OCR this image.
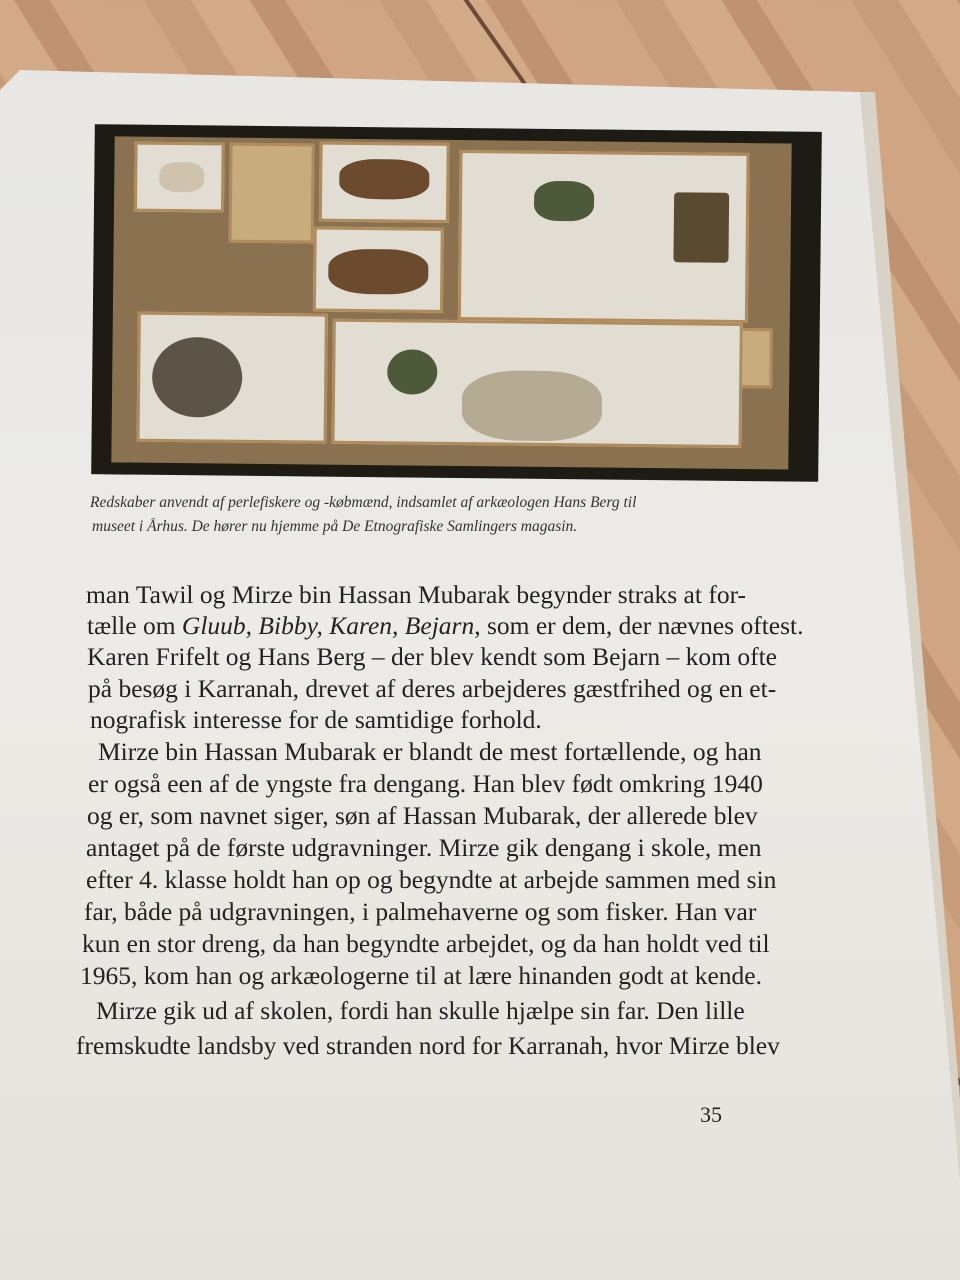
Redskaber anvendt af perlefiskere og -købmænd, indsamlet af arkæologen Hans Berg til
museet i Århus. De hører nu hjemme på De Etnografiske Samlingers magasin.
man Tawil og Mirze bin Hassan Mubarak begynder straks at for-
tælle om Gluub, Bibby, Karen, Bejarn, som er dem, der nævnes oftest.
Karen Frifelt og Hans Berg – der blev kendt som Bejarn – kom ofte
på besøg i Karranah, drevet af deres arbejderes gæstfrihed og en et-
nografisk interesse for de samtidige forhold.
Mirze bin Hassan Mubarak er blandt de mest fortællende, og han
er også een af de yngste fra dengang. Han blev født omkring 1940
og er, som navnet siger, søn af Hassan Mubarak, der allerede blev
antaget på de første udgravninger. Mirze gik dengang i skole, men
efter 4. klasse holdt han op og begyndte at arbejde sammen med sin
far, både på udgravningen, i palmehaverne og som fisker. Han var
kun en stor dreng, da han begyndte arbejdet, og da han holdt ved til
1965, kom han og arkæologerne til at lære hinanden godt at kende.
Mirze gik ud af skolen, fordi han skulle hjælpe sin far. Den lille
fremskudte landsby ved stranden nord for Karranah, hvor Mirze blev
35
